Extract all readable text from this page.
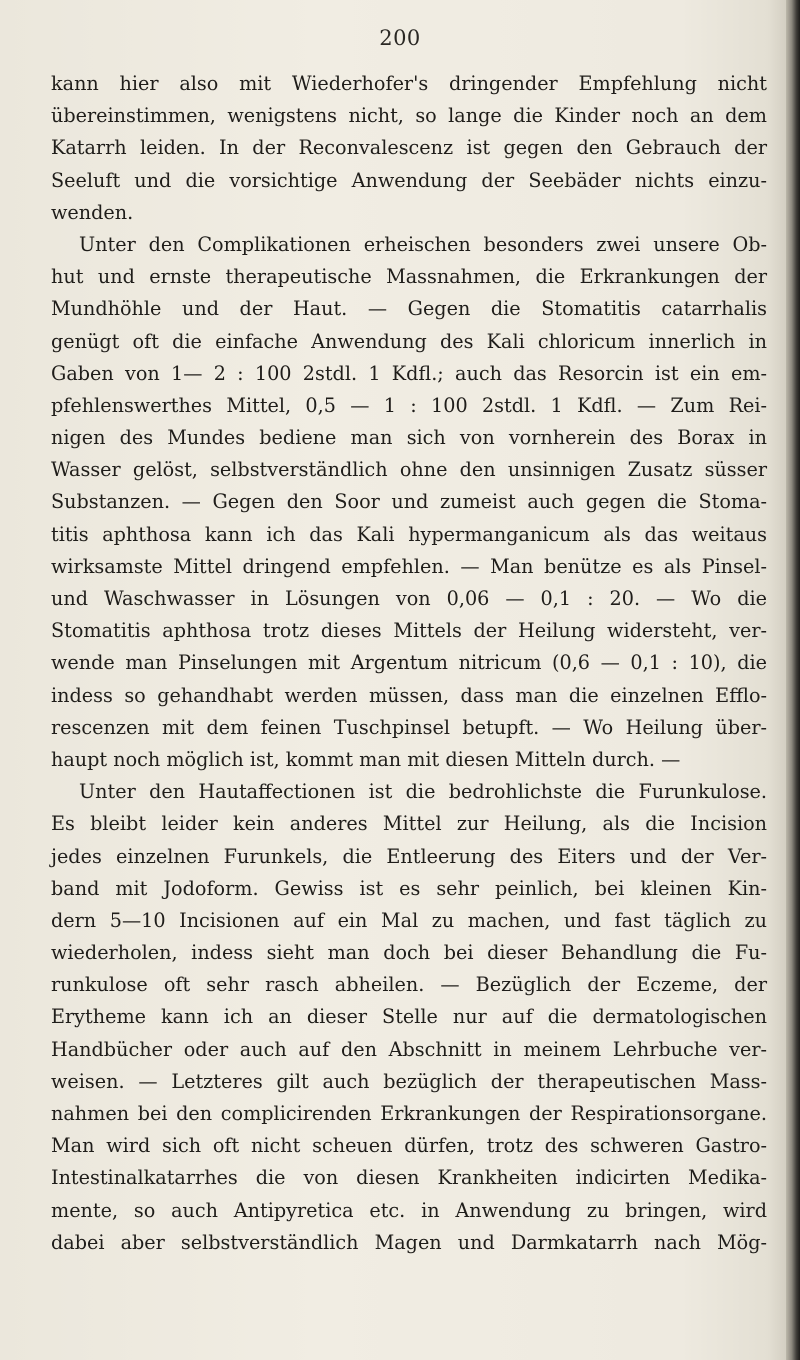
200
kann hier also mit Wiederhofer's dringender Empfehlung nicht
übereinstimmen, wenigstens nicht, so lange die Kinder noch an dem
Katarrh leiden. In der Reconvalescenz ist gegen den Gebrauch der
Seeluft und die vorsichtige Anwendung der Seebäder nichts einzu-
wenden.
Unter den Complikationen erheischen besonders zwei unsere Ob-
hut und ernste therapeutische Massnahmen, die Erkrankungen der
Mundhöhle und der Haut. — Gegen die Stomatitis catarrhalis
genügt oft die einfache Anwendung des Kali chloricum innerlich in
Gaben von 1— 2 : 100 2stdl. 1 Kdfl.; auch das Resorcin ist ein em-
pfehlenswerthes Mittel, 0,5 — 1 : 100 2stdl. 1 Kdfl. — Zum Rei-
nigen des Mundes bediene man sich von vornherein des Borax in
Wasser gelöst, selbstverständlich ohne den unsinnigen Zusatz süsser
Substanzen. — Gegen den Soor und zumeist auch gegen die Stoma-
titis aphthosa kann ich das Kali hypermanganicum als das weitaus
wirksamste Mittel dringend empfehlen. — Man benütze es als Pinsel-
und Waschwasser in Lösungen von 0,06 — 0,1 : 20. — Wo die
Stomatitis aphthosa trotz dieses Mittels der Heilung widersteht, ver-
wende man Pinselungen mit Argentum nitricum (0,6 — 0,1 : 10), die
indess so gehandhabt werden müssen, dass man die einzelnen Efflo-
rescenzen mit dem feinen Tuschpinsel betupft. — Wo Heilung über-
haupt noch möglich ist, kommt man mit diesen Mitteln durch. —
Unter den Hautaffectionen ist die bedrohlichste die Furunkulose.
Es bleibt leider kein anderes Mittel zur Heilung, als die Incision
jedes einzelnen Furunkels, die Entleerung des Eiters und der Ver-
band mit Jodoform. Gewiss ist es sehr peinlich, bei kleinen Kin-
dern 5—10 Incisionen auf ein Mal zu machen, und fast täglich zu
wiederholen, indess sieht man doch bei dieser Behandlung die Fu-
runkulose oft sehr rasch abheilen. — Bezüglich der Eczeme, der
Erytheme kann ich an dieser Stelle nur auf die dermatologischen
Handbücher oder auch auf den Abschnitt in meinem Lehrbuche ver-
weisen. — Letzteres gilt auch bezüglich der therapeutischen Mass-
nahmen bei den complicirenden Erkrankungen der Respirationsorgane.
Man wird sich oft nicht scheuen dürfen, trotz des schweren Gastro-
Intestinalkatarrhes die von diesen Krankheiten indicirten Medika-
mente, so auch Antipyretica etc. in Anwendung zu bringen, wird
dabei aber selbstverständlich Magen und Darmkatarrh nach Mög-
